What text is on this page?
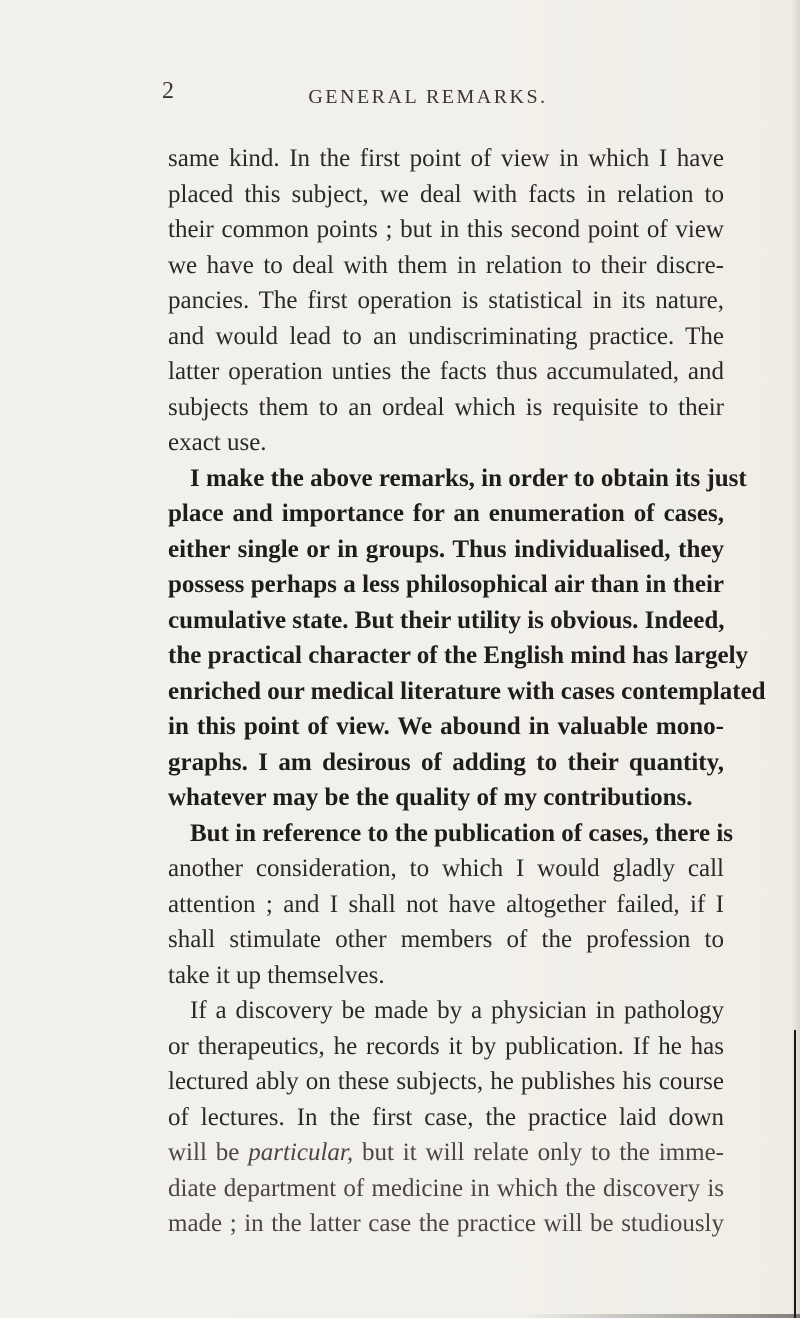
2	GENERAL REMARKS.
same kind. In the first point of view in which I have
placed this subject, we deal with facts in relation to
their common points ; but in this second point of view
we have to deal with them in relation to their discre-
pancies. The first operation is statistical in its nature,
and would lead to an undiscriminating practice. The
latter operation unties the facts thus accumulated, and
subjects them to an ordeal which is requisite to their
exact use.
I make the above remarks, in order to obtain its just
place and importance for an enumeration of cases,
either single or in groups. Thus individualised, they
possess perhaps a less philosophical air than in their
cumulative state. But their utility is obvious. Indeed,
the practical character of the English mind has largely
enriched our medical literature with cases contemplated
in this point of view. We abound in valuable mono-
graphs. I am desirous of adding to their quantity,
whatever may be the quality of my contributions.
But in reference to the publication of cases, there is
another consideration, to which I would gladly call
attention ; and I shall not have altogether failed, if I
shall stimulate other members of the profession to
take it up themselves.
If a discovery be made by a physician in pathology
or therapeutics, he records it by publication. If he has
lectured ably on these subjects, he publishes his course
of lectures. In the first case, the practice laid down
will be particular, but it will relate only to the imme-
diate department of medicine in which the discovery is
made ; in the latter case the practice will be studiously
